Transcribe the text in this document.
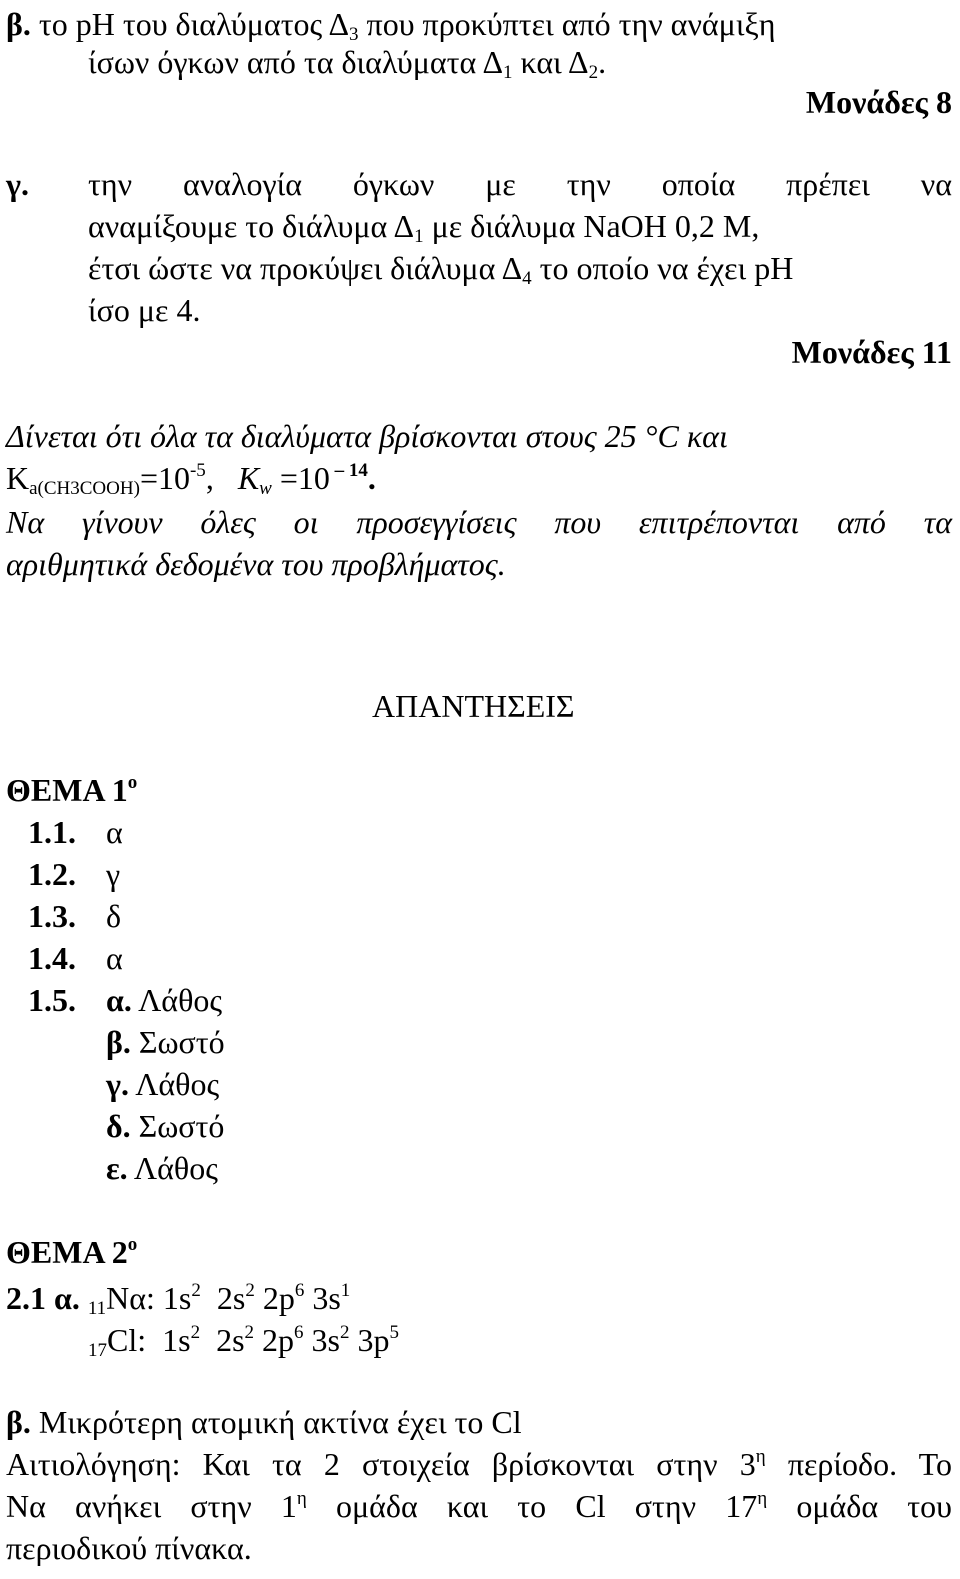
β. το pH του διαλύματος $\Delta_3$ που προκύπτει από την ανάμιξη
ίσων όγκων από τα διαλύματα $\Delta_1$ και $\Delta_2$.
Μονάδες 8
γ. την αναλογία όγκων με την οποία πρέπει να
αναμίξουμε το διάλυμα $\Delta_1$ με διάλυμα NaOH 0,2 Μ,
έτσι ώστε να προκύψει διάλυμα $\Delta_4$ το οποίο να έχει pH
ίσο με 4.
Μονάδες 11
Δίνεται ότι όλα τα διαλύματα βρίσκονται στους 25 °C και
$K_{a(CH3COOH)}=10^{-5}$,   $K_w =10$ $^{- 14}$.
Να γίνουν όλες οι προσεγγίσεις που επιτρέπονται από τα
αριθμητικά δεδομένα του προβλήματος.
ΑΠΑΝΤΗΣΕΙΣ
ΘΕΜΑ $1^o$
1.1. α
1.2. γ
1.3. δ
1.4. α
1.5. α. Λάθος
β. Σωστό
γ. Λάθος
δ. Σωστό
ε. Λάθος
ΘΕΜΑ $2^o$
2.1 α. $_{11}$Να: $1s^2$  $2s^2$ $2p^6$ $3s^1$
$_{17}$Cl:  $1s^2$  $2s^2$ $2p^6$ $3s^2$ $3p^5$
β. Μικρότερη ατομική ακτίνα έχει το Cl
Αιτιολόγηση: Και τα 2 στοιχεία βρίσκονται στην $3^\eta$ περίοδο. Το
Να ανήκει στην $1^\eta$ ομάδα και το Cl στην $17^\eta$ ομάδα του
περιοδικού πίνακα.
